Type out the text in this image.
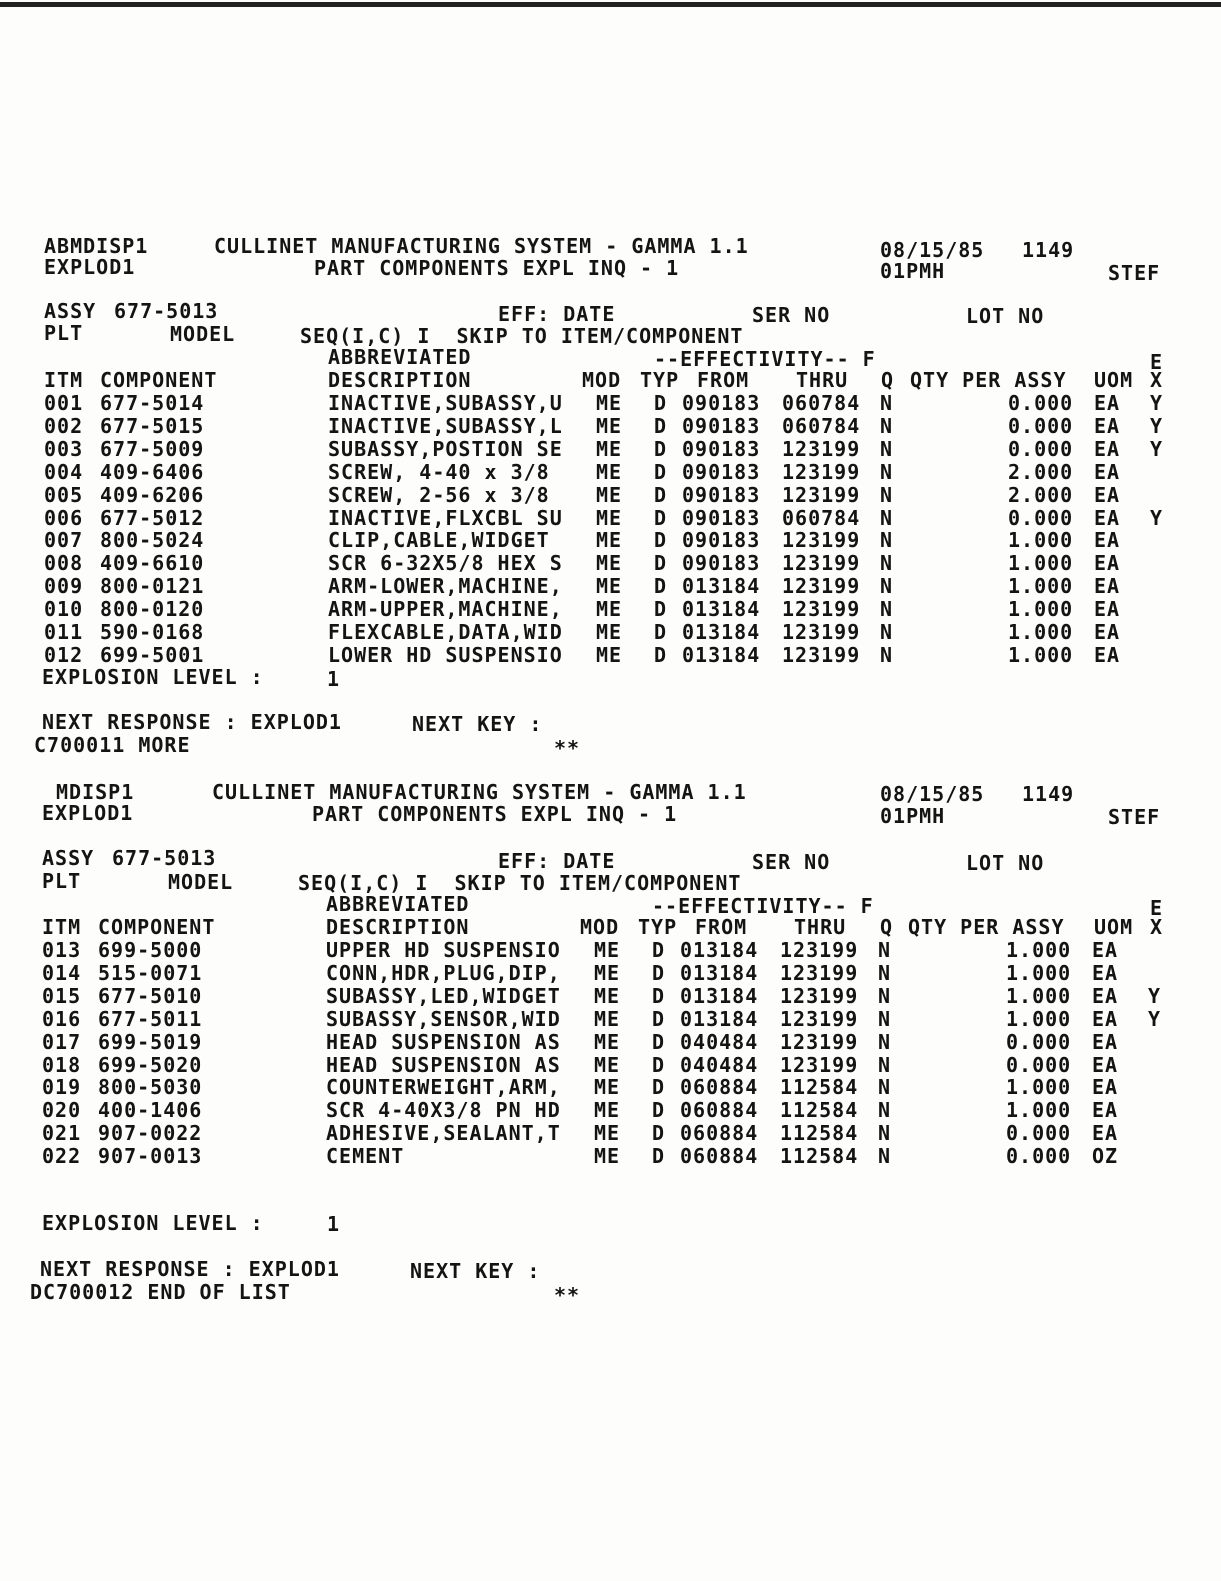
ABMDISP1	CULLINET MANUFACTURING SYSTEM - GAMMA 1.1	08/15/85 1149
EXPLOD1	PART COMPONENTS EXPL INQ - 1	01PMH	STEF
ASSY 677-5013	EFF: DATE	SER NO	LOT NO
PLT	MODEL	SEQ(I,C) I  SKIP TO ITEM/COMPONENT
ABBREVIATED	--EFFECTIVITY-- F	E
ITM COMPONENT	DESCRIPTION	MOD TYP FROM THRU Q QTY PER ASSY UOM X
001 677-5014	INACTIVE,SUBASSY,U ME D 090183 060784 N	0.000 EA Y
002 677-5015	INACTIVE,SUBASSY,L ME D 090183 060784 N	0.000 EA Y
003 677-5009	SUBASSY,POSTION SE ME D 090183 123199 N	0.000 EA Y
004 409-6406	SCREW, 4-40 x 3/8 ME D 090183 123199 N	2.000 EA
005 409-6206	SCREW, 2-56 x 3/8 ME D 090183 123199 N	2.000 EA
006 677-5012	INACTIVE,FLXCBL SU ME D 090183 060784 N	0.000 EA Y
007 800-5024	CLIP,CABLE,WIDGET ME D 090183 123199 N	1.000 EA
008 409-6610	SCR 6-32X5/8 HEX S ME D 090183 123199 N	1.000 EA
009 800-0121	ARM-LOWER,MACHINE, ME D 013184 123199 N	1.000 EA
010 800-0120	ARM-UPPER,MACHINE, ME D 013184 123199 N	1.000 EA
011 590-0168	FLEXCABLE,DATA,WID ME D 013184 123199 N	1.000 EA
012 699-5001	LOWER HD SUSPENSIO ME D 013184 123199 N	1.000 EA
EXPLOSION LEVEL :	1
NEXT RESPONSE : EXPLOD1	NEXT KEY :
C700011 MORE	**
MDISP1	CULLINET MANUFACTURING SYSTEM - GAMMA 1.1	08/15/85 1149
EXPLOD1	PART COMPONENTS EXPL INQ - 1	01PMH	STEF
ASSY 677-5013	EFF: DATE	SER NO	LOT NO
PLT	MODEL	SEQ(I,C) I  SKIP TO ITEM/COMPONENT
ABBREVIATED	--EFFECTIVITY-- F	E
ITM COMPONENT	DESCRIPTION	MOD TYP FROM THRU Q QTY PER ASSY UOM X
013 699-5000	UPPER HD SUSPENSIO ME D 013184 123199 N	1.000 EA
014 515-0071	CONN,HDR,PLUG,DIP, ME D 013184 123199 N	1.000 EA
015 677-5010	SUBASSY,LED,WIDGET ME D 013184 123199 N	1.000 EA Y
016 677-5011	SUBASSY,SENSOR,WID ME D 013184 123199 N	1.000 EA Y
017 699-5019	HEAD SUSPENSION AS ME D 040484 123199 N	0.000 EA
018 699-5020	HEAD SUSPENSION AS ME D 040484 123199 N	0.000 EA
019 800-5030	COUNTERWEIGHT,ARM, ME D 060884 112584 N	1.000 EA
020 400-1406	SCR 4-40X3/8 PN HD ME D 060884 112584 N	1.000 EA
021 907-0022	ADHESIVE,SEALANT,T ME D 060884 112584 N	0.000 EA
022 907-0013	CEMENT	ME D 060884 112584 N	0.000 OZ
EXPLOSION LEVEL :	1
NEXT RESPONSE : EXPLOD1	NEXT KEY :
DC700012 END OF LIST	**
